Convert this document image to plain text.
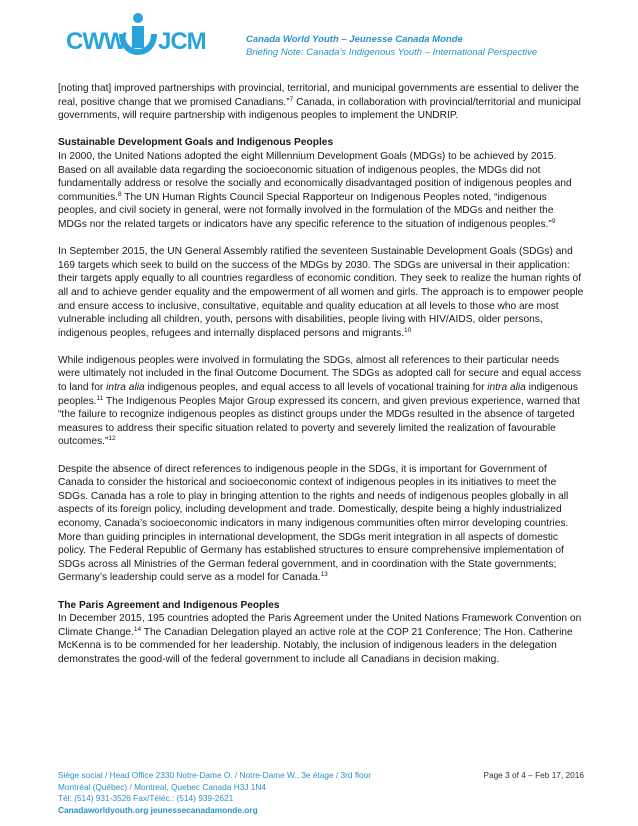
CWW JCM	Canada World Youth – Jeunesse Canada Monde
Briefing Note: Canada’s Indigenous Youth – International Perspective

[noting that] improved partnerships with provincial, territorial, and municipal governments are essential to deliver the real, positive change that we promised Canadians.”$^7$ Canada, in collaboration with provincial/territorial and municipal governments, will require partnership with indigenous peoples to implement the UNDRIP.

Sustainable Development Goals and Indigenous Peoples

In 2000, the United Nations adopted the eight Millennium Development Goals (MDGs) to be achieved by 2015. Based on all available data regarding the socioeconomic situation of indigenous peoples, the MDGs did not fundamentally address or resolve the socially and economically disadvantaged position of indigenous peoples and communities.$^8$ The UN Human Rights Council Special Rapporteur on Indigenous Peoples noted, “indigenous peoples, and civil society in general, were not formally involved in the formulation of the MDGs and neither the MDGs nor the related targets or indicators have any specific reference to the situation of indigenous peoples.”$^9$

In September 2015, the UN General Assembly ratified the seventeen Sustainable Development Goals (SDGs) and 169 targets which seek to build on the success of the MDGs by 2030. The SDGs are universal in their application: their targets apply equally to all countries regardless of economic condition. They seek to realize the human rights of all and to achieve gender equality and the empowerment of all women and girls. The approach is to empower people and ensure access to inclusive, consultative, equitable and quality education at all levels to those who are most vulnerable including all children, youth, persons with disabilities, people living with HIV/AIDS, older persons, indigenous peoples, refugees and internally displaced persons and migrants.$^{10}$

While indigenous peoples were involved in formulating the SDGs, almost all references to their particular needs were ultimately not included in the final Outcome Document. The SDGs as adopted call for secure and equal access to land for intra alia indigenous peoples, and equal access to all levels of vocational training for intra alia indigenous peoples.$^{11}$ The Indigenous Peoples Major Group expressed its concern, and given previous experience, warned that “the failure to recognize indigenous peoples as distinct groups under the MDGs resulted in the absence of targeted measures to address their specific situation related to poverty and severely limited the realization of favourable outcomes.”$^{12}$

Despite the absence of direct references to indigenous people in the SDGs, it is important for Government of Canada to consider the historical and socioeconomic context of indigenous peoples in its initiatives to meet the SDGs. Canada has a role to play in bringing attention to the rights and needs of indigenous peoples globally in all aspects of its foreign policy, including development and trade. Domestically, despite being a highly industrialized economy, Canada’s socioeconomic indicators in many indigenous communities often mirror developing countries. More than guiding principles in international development, the SDGs merit integration in all aspects of domestic policy. The Federal Republic of Germany has established structures to ensure comprehensive implementation of SDGs across all Ministries of the German federal government, and in coordination with the State governments; Germany’s leadership could serve as a model for Canada.$^{13}$

The Paris Agreement and Indigenous Peoples

In December 2015, 195 countries adopted the Paris Agreement under the United Nations Framework Convention on Climate Change.$^{14}$ The Canadian Delegation played an active role at the COP 21 Conference; The Hon. Catherine McKenna is to be commended for her leadership. Notably, the inclusion of indigenous leaders in the delegation demonstrates the good-will of the federal government to include all Canadians in decision making.

Siège social / Head Office 2330 Notre-Dame O. / Notre-Dame W., 3e étage / 3rd floor	Page 3 of 4 – Feb 17, 2016
Montréal (Québec) / Montreal, Quebec Canada H3J 1N4
Tél: (514) 931-3526 Fax/Téléc.: (514) 939-2621
Canadaworldyouth.org jeunessecanadamonde.org
